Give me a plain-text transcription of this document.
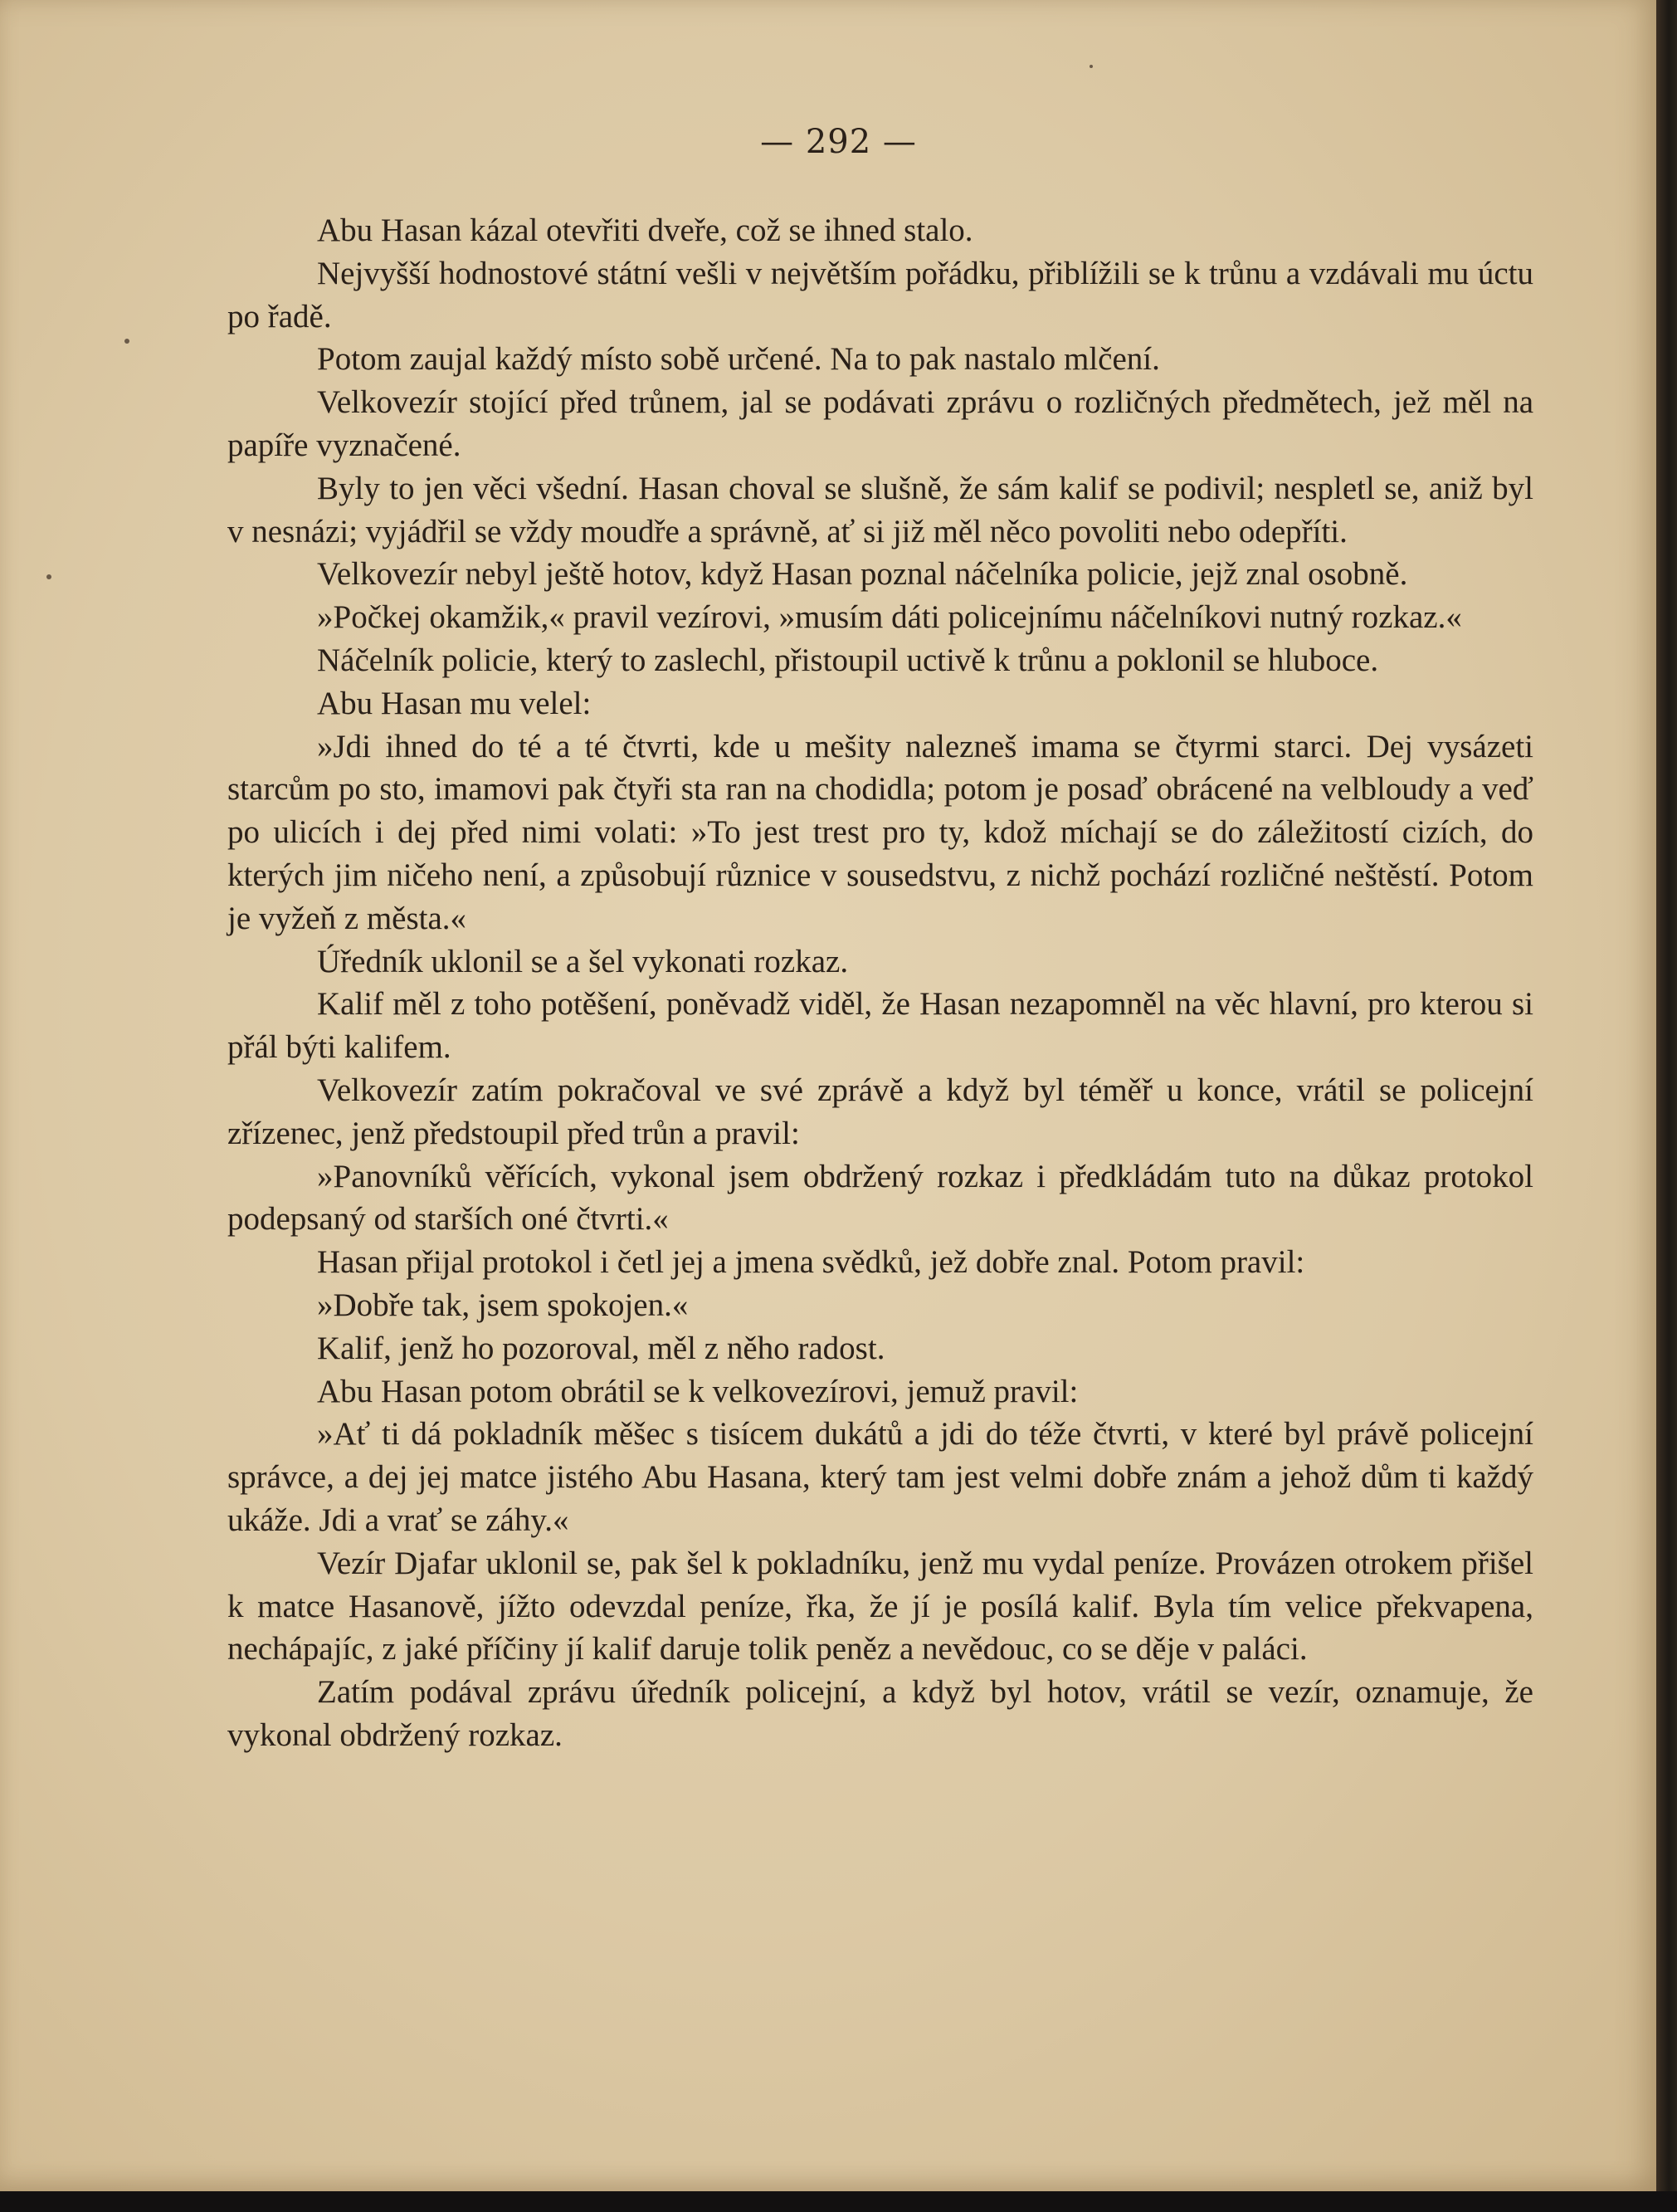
— 292 —

Abu Hasan kázal otevřiti dveře, což se ihned stalo.

Nejvyšší hodnostové státní vešli v největším pořádku, přiblížili se k trůnu a vzdávali mu úctu po řadě.

Potom zaujal každý místo sobě určené. Na to pak nastalo mlčení.

Velkovezír stojící před trůnem, jal se podávati zprávu o rozličných předmětech, jež měl na papíře vyznačené.

Byly to jen věci všední. Hasan choval se slušně, že sám kalif se podivil; nespletl se, aniž byl v nesnázi; vyjádřil se vždy moudře a správně, ať si již měl něco povoliti nebo odepříti.

Velkovezír nebyl ještě hotov, když Hasan poznal náčelníka policie, jejž znal osobně.

»Počkej okamžik,« pravil vezírovi, »musím dáti policejnímu náčelníkovi nutný rozkaz.«

Náčelník policie, který to zaslechl, přistoupil uctivě k trůnu a poklonil se hluboce.

Abu Hasan mu velel:

»Jdi ihned do té a té čtvrti, kde u mešity nalezneš imama se čtyrmi starci. Dej vysázeti starcům po sto, imamovi pak čtyři sta ran na chodidla; potom je posaď obrácené na velbloudy a veď po ulicích i dej před nimi volati: »To jest trest pro ty, kdož míchají se do záležitostí cizích, do kterých jim ničeho není, a způsobují různice v sousedstvu, z nichž pochází rozličné neštěstí. Potom je vyžeň z města.«

Úředník uklonil se a šel vykonati rozkaz.

Kalif měl z toho potěšení, poněvadž viděl, že Hasan nezapomněl na věc hlavní, pro kterou si přál býti kalifem.

Velkovezír zatím pokračoval ve své zprávě a když byl téměř u konce, vrátil se policejní zřízenec, jenž předstoupil před trůn a pravil:

»Panovníků věřících, vykonal jsem obdržený rozkaz i předkládám tuto na důkaz protokol podepsaný od starších oné čtvrti.«

Hasan přijal protokol i četl jej a jmena svědků, jež dobře znal. Potom pravil:

»Dobře tak, jsem spokojen.«

Kalif, jenž ho pozoroval, měl z něho radost.

Abu Hasan potom obrátil se k velkovezírovi, jemuž pravil:

»Ať ti dá pokladník měšec s tisícem dukátů a jdi do téže čtvrti, v které byl právě policejní správce, a dej jej matce jistého Abu Hasana, který tam jest velmi dobře znám a jehož dům ti každý ukáže. Jdi a vrať se záhy.«

Vezír Djafar uklonil se, pak šel k pokladníku, jenž mu vydal peníze. Provázen otrokem přišel k matce Hasanově, jížto odevzdal peníze, řka, že jí je posílá kalif. Byla tím velice překvapena, nechápajíc, z jaké příčiny jí kalif daruje tolik peněz a nevědouc, co se děje v paláci.

Zatím podával zprávu úředník policejní, a když byl hotov, vrátil se vezír, oznamuje, že vykonal obdržený rozkaz.
